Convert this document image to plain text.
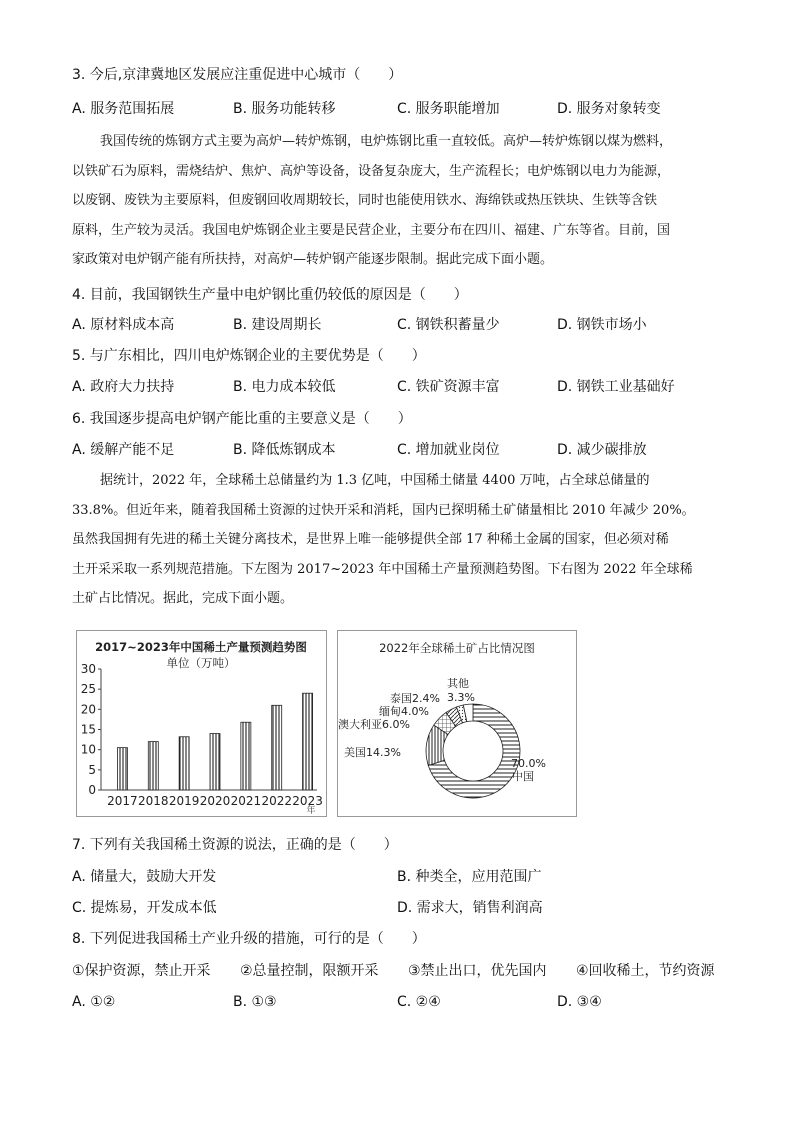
3. 今后,京津冀地区发展应注重促进中心城市（　　）
A. 服务范围拓展	B. 服务功能转移	C. 服务职能增加	D. 服务对象转变
我国传统的炼钢方式主要为高炉—转炉炼钢，电炉炼钢比重一直较低。高炉—转炉炼钢以煤为燃料，
以铁矿石为原料，需烧结炉、焦炉、高炉等设备，设备复杂庞大，生产流程长；电炉炼钢以电力为能源，
以废钢、废铁为主要原料，但废钢回收周期较长，同时也能使用铁水、海绵铁或热压铁块、生铁等含铁
原料，生产较为灵活。我国电炉炼钢企业主要是民营企业，主要分布在四川、福建、广东等省。目前，国
家政策对电炉钢产能有所扶持，对高炉—转炉钢产能逐步限制。据此完成下面小题。
4. 目前，我国钢铁生产量中电炉钢比重仍较低的原因是（　　）
A. 原材料成本高	B. 建设周期长	C. 钢铁积蓄量少	D. 钢铁市场小
5. 与广东相比，四川电炉炼钢企业的主要优势是（　　）
A. 政府大力扶持	B. 电力成本较低	C. 铁矿资源丰富	D. 钢铁工业基础好
6. 我国逐步提高电炉钢产能比重的主要意义是（　　）
A. 缓解产能不足	B. 降低炼钢成本	C. 增加就业岗位	D. 减少碳排放
据统计，2022 年，全球稀土总储量约为 1.3 亿吨，中国稀土储量 4400 万吨，占全球总储量的
33.8%。但近年来，随着我国稀土资源的过快开采和消耗，国内已探明稀土矿储量相比 2010 年减少 20%。
虽然我国拥有先进的稀土关键分离技术，是世界上唯一能够提供全部 17 种稀土金属的国家，但必须对稀
土开采采取一系列规范措施。下左图为 2017~2023 年中国稀土产量预测趋势图。下右图为 2022 年全球稀
土矿占比情况。据此，完成下面小题。
2017~2023年中国稀土产量预测趋势图
单位（万吨）
0
5
10
15
20
25
30
2017 2018 2019 2020 2021 2022 2023
年
2022年全球稀土矿占比情况图
其他
3.3%
泰国2.4%
缅甸4.0%
澳大利亚6.0%
美国14.3%
70.0%
中国
7. 下列有关我国稀土资源的说法，正确的是（　　）
A. 储量大，鼓励大开发	B. 种类全，应用范围广
C. 提炼易，开发成本低	D. 需求大，销售利润高
8. 下列促进我国稀土产业升级的措施，可行的是（　　）
①保护资源，禁止开采 ②总量控制，限额开采 ③禁止出口，优先国内 ④回收稀土，节约资源
A. ①②	B. ①③	C. ②④	D. ③④
